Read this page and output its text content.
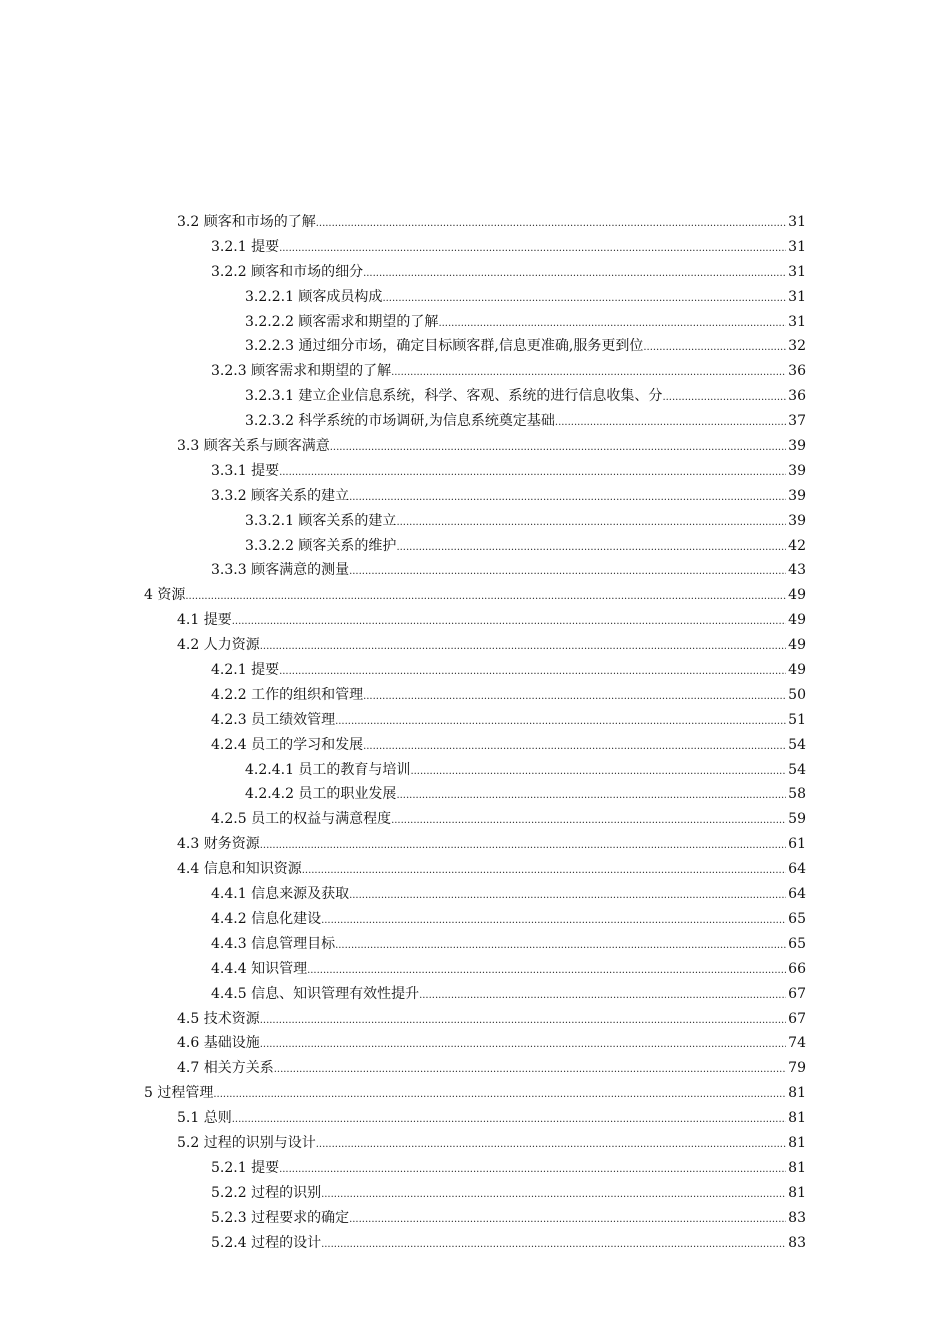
3.2 顾客和市场的了解 .....	31
3.2.1 提要 .....	31
3.2.2 顾客和市场的细分 .....	31
3.2.2.1 顾客成员构成 .....	31
3.2.2.2 顾客需求和期望的了解 .....	31
3.2.2.3 通过细分市场，确定目标顾客群,信息更准确,服务更到位 .....	32
3.2.3 顾客需求和期望的了解 .....	36
3.2.3.1 建立企业信息系统，科学、客观、系统的进行信息收集、分 .....	36
3.2.3.2 科学系统的市场调研,为信息系统奠定基础 .....	37
3.3 顾客关系与顾客满意 .....	39
3.3.1 提要 .....	39
3.3.2 顾客关系的建立 .....	39
3.3.2.1 顾客关系的建立 .....	39
3.3.2.2 顾客关系的维护 .....	42
3.3.3 顾客满意的测量 .....	43
4 资源 .....	49
4.1 提要 .....	49
4.2 人力资源 .....	49
4.2.1 提要 .....	49
4.2.2 工作的组织和管理 .....	50
4.2.3 员工绩效管理 .....	51
4.2.4 员工的学习和发展 .....	54
4.2.4.1 员工的教育与培训 .....	54
4.2.4.2 员工的职业发展 .....	58
4.2.5 员工的权益与满意程度 .....	59
4.3 财务资源 .....	61
4.4 信息和知识资源 .....	64
4.4.1 信息来源及获取 .....	64
4.4.2 信息化建设 .....	65
4.4.3 信息管理目标 .....	65
4.4.4 知识管理 .....	66
4.4.5 信息、知识管理有效性提升 .....	67
4.5 技术资源 .....	67
4.6 基础设施 .....	74
4.7 相关方关系 .....	79
5 过程管理 .....	81
5.1 总则 .....	81
5.2 过程的识别与设计 .....	81
5.2.1 提要 .....	81
5.2.2 过程的识别 .....	81
5.2.3 过程要求的确定 .....	83
5.2.4 过程的设计 .....	83
